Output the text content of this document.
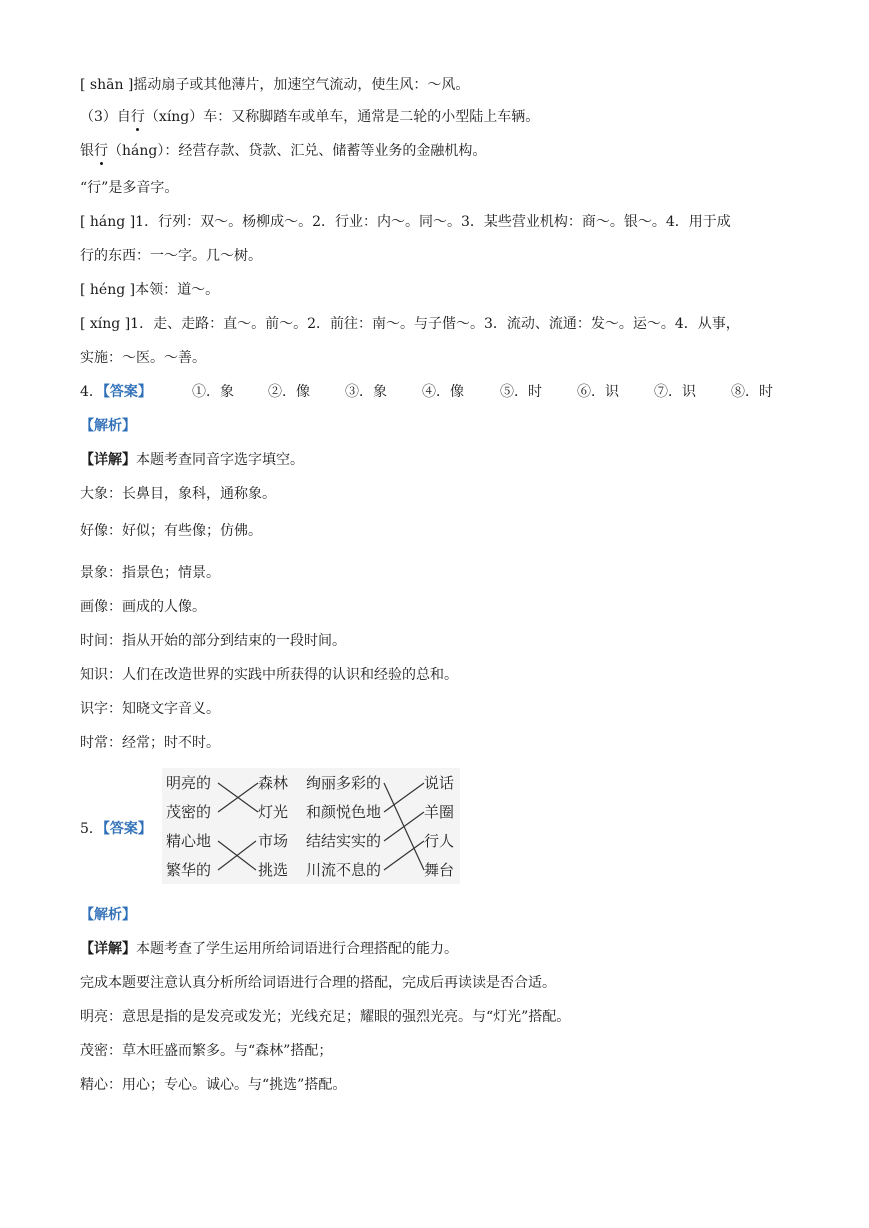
[ shān ]摇动扇子或其他薄片，加速空气流动，使生风：～风。
（3）自行（xíng）车：又称脚踏车或单车，通常是二轮的小型陆上车辆。
银行（háng）：经营存款、贷款、汇兑、储蓄等业务的金融机构。
“行”是多音字。
[ háng ]1．行列：双～。杨柳成～。2．行业：内～。同～。3．某些营业机构：商～。银～。4．用于成
行的东西：一～字。几～树。
[ héng ]本领：道～。
[ xíng ]1．走、走路：直～。前～。2．前往：南～。与子偕～。3．流动、流通：发～。运～。4．从事，
实施：～医。～善。
4．【答案】	①．象 ②．像	③．象	④．像	⑤．时	⑥．识	⑦．识	⑧．时
【解析】
【详解】本题考查同音字选字填空。
大象：长鼻目，象科，通称象。
好像：好似；有些像；仿佛。
景象：指景色；情景。
画像：画成的人像。
时间：指从开始的部分到结束的一段时间。
知识：人们在改造世界的实践中所获得的认识和经验的总和。
识字：知晓文字音义。
时常：经常；时不时。
5．【答案】
明亮的
茂密的
精心地
繁华的
森林
灯光
市场
挑选
绚丽多彩的
和颜悦色地
结结实实的
川流不息的
说话
羊圈
行人
舞台
【解析】
【详解】本题考查了学生运用所给词语进行合理搭配的能力。
完成本题要注意认真分析所给词语进行合理的搭配，完成后再读读是否合适。
明亮：意思是指的是发亮或发光；光线充足；耀眼的强烈光亮。与“灯光”搭配。
茂密：草木旺盛而繁多。与“森林”搭配；
精心：用心；专心。诚心。与“挑选”搭配。
